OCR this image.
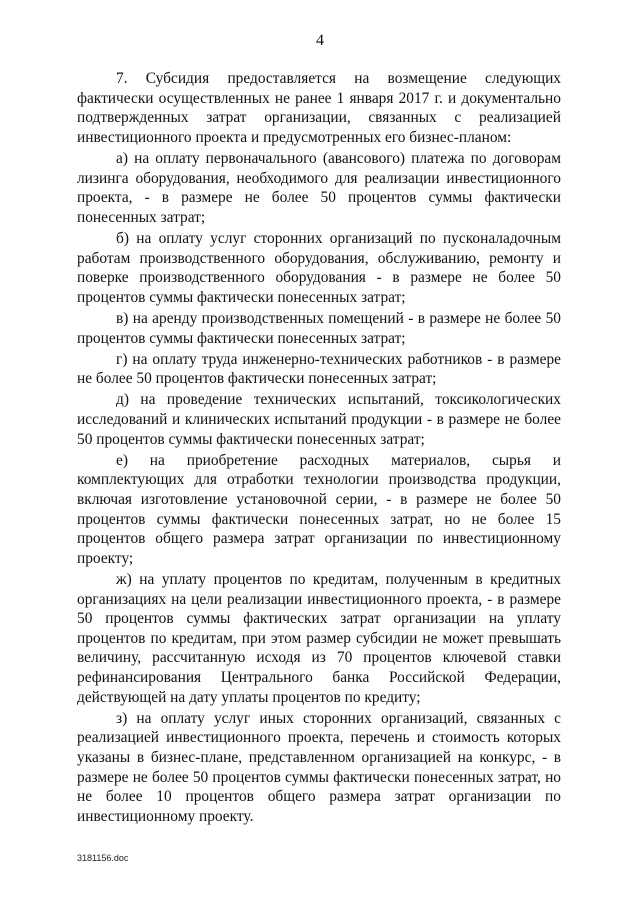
4

7. Субсидия предоставляется на возмещение следующих фактически осуществленных не ранее 1 января 2017 г. и документально подтвержденных затрат организации, связанных с реализацией инвестиционного проекта и предусмотренных его бизнес-планом:

а) на оплату первоначального (авансового) платежа по договорам лизинга оборудования, необходимого для реализации инвестиционного проекта, - в размере не более 50 процентов суммы фактически понесенных затрат;

б) на оплату услуг сторонних организаций по пусконаладочным работам производственного оборудования, обслуживанию, ремонту и поверке производственного оборудования - в размере не более 50 процентов суммы фактически понесенных затрат;

в) на аренду производственных помещений - в размере не более 50 процентов суммы фактически понесенных затрат;

г) на оплату труда инженерно-технических работников - в размере не более 50 процентов фактически понесенных затрат;

д) на проведение технических испытаний, токсикологических исследований и клинических испытаний продукции - в размере не более 50 процентов суммы фактически понесенных затрат;

е) на приобретение расходных материалов, сырья и комплектующих для отработки технологии производства продукции, включая изготовление установочной серии, - в размере не более 50 процентов суммы фактически понесенных затрат, но не более 15 процентов общего размера затрат организации по инвестиционному проекту;

ж) на уплату процентов по кредитам, полученным в кредитных организациях на цели реализации инвестиционного проекта, - в размере 50 процентов суммы фактических затрат организации на уплату процентов по кредитам, при этом размер субсидии не может превышать величину, рассчитанную исходя из 70 процентов ключевой ставки рефинансирования Центрального банка Российской Федерации, действующей на дату уплаты процентов по кредиту;

з) на оплату услуг иных сторонних организаций, связанных с реализацией инвестиционного проекта, перечень и стоимость которых указаны в бизнес-плане, представленном организацией на конкурс, - в размере не более 50 процентов суммы фактически понесенных затрат, но не более 10 процентов общего размера затрат организации по инвестиционному проекту.

3181156.doc
